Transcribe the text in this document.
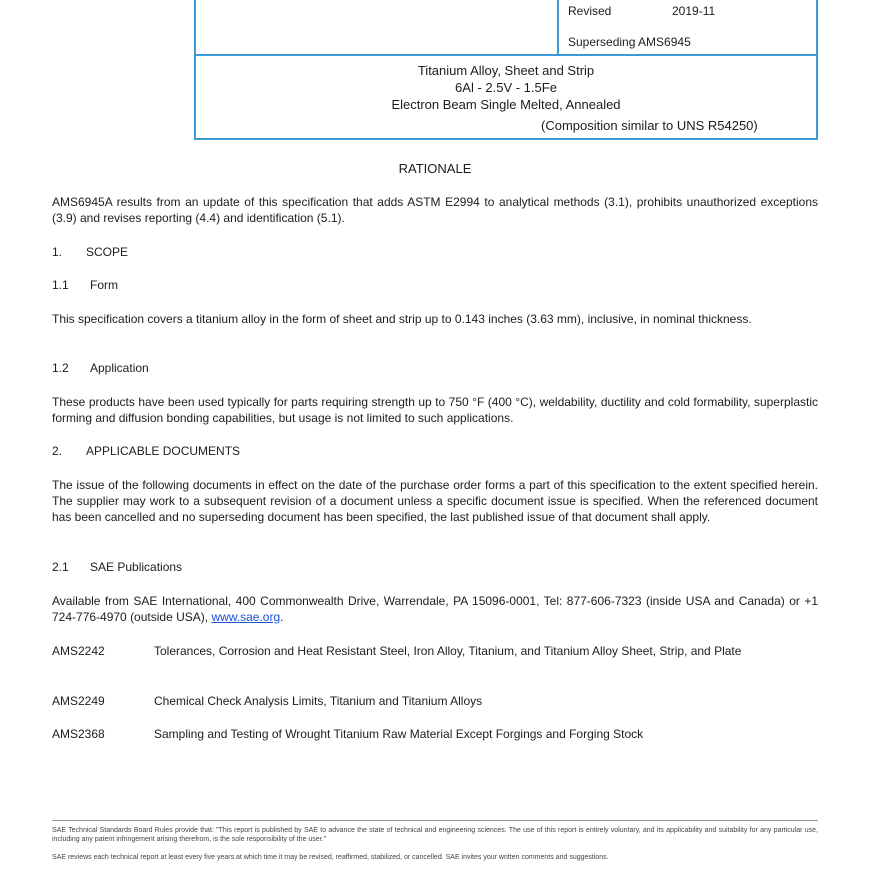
Revised	2019-11
Superseding AMS6945
Titanium Alloy, Sheet and Strip
6Al - 2.5V - 1.5Fe
Electron Beam Single Melted, Annealed
(Composition similar to UNS R54250)
RATIONALE

AMS6945A results from an update of this specification that adds ASTM E2994 to analytical methods (3.1), prohibits unauthorized exceptions (3.9) and revises reporting (4.4) and identification (5.1).

1. SCOPE
1.1 Form

This specification covers a titanium alloy in the form of sheet and strip up to 0.143 inches (3.63 mm), inclusive, in nominal thickness.

1.2 Application

These products have been used typically for parts requiring strength up to 750 °F (400 °C), weldability, ductility and cold formability, superplastic forming and diffusion bonding capabilities, but usage is not limited to such applications.

2. APPLICABLE DOCUMENTS

The issue of the following documents in effect on the date of the purchase order forms a part of this specification to the extent specified herein. The supplier may work to a subsequent revision of a document unless a specific document issue is specified. When the referenced document has been cancelled and no superseding document has been specified, the last published issue of that document shall apply.

2.1 SAE Publications

Available from SAE International, 400 Commonwealth Drive, Warrendale, PA 15096-0001, Tel: 877-606-7323 (inside USA and Canada) or +1 724-776-4970 (outside USA), www.sae.org.

AMS2242	Tolerances, Corrosion and Heat Resistant Steel, Iron Alloy, Titanium, and Titanium Alloy Sheet, Strip, and Plate
AMS2249	Chemical Check Analysis Limits, Titanium and Titanium Alloys
AMS2368	Sampling and Testing of Wrought Titanium Raw Material Except Forgings and Forging Stock
SAE Technical Standards Board Rules provide that: "This report is published by SAE to advance the state of technical and engineering sciences. The use of this report is entirely voluntary, and its applicability and suitability for any particular use, including any patent infringement arising therefrom, is the sole responsibility of the user."
SAE reviews each technical report at least every five years at which time it may be revised, reaffirmed, stabilized, or cancelled. SAE invites your written comments and suggestions.
